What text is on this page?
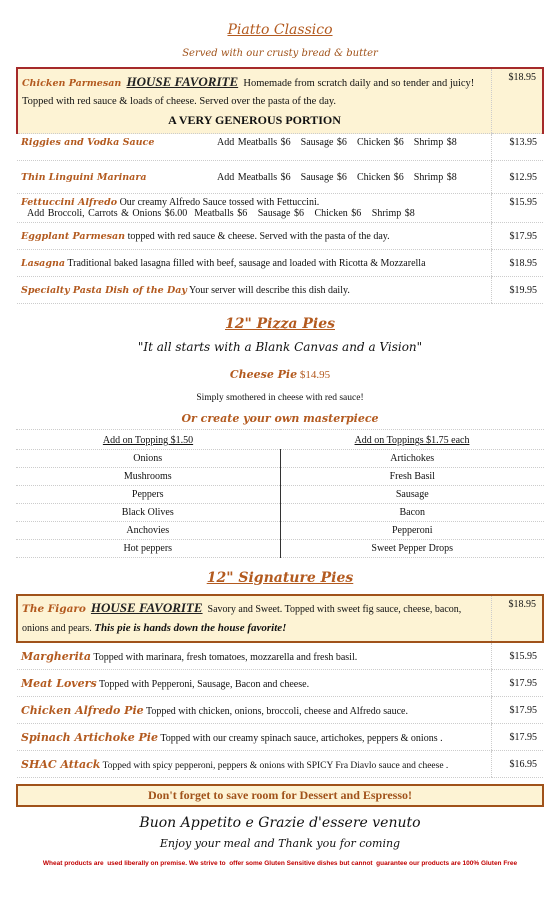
Piatto Classico

Served with our crusty bread & butter
Chicken Parmesan HOUSE FAVORITE Homemade from scratch daily and so tender and juicy! Topped with red sauce & loads of cheese. Served over the pasta of the day.
A VERY GENEROUS PORTION	$18.95
Riggies and Vodka Sauce Add Meatballs $6 Sausage $6 Chicken $6 Shrimp $8	$13.95
Thin Linguini Marinara Add Meatballs $6 Sausage $6 Chicken $6 Shrimp $8	$12.95
Fettuccini Alfredo Our creamy Alfredo Sauce tossed with Fettuccini.
Add Broccoli, Carrots & Onions $6.00  Meatballs $6   Sausage $6   Chicken $6   Shrimp $8	$15.95
Eggplant Parmesan topped with red sauce & cheese. Served with the pasta of the day.	$17.95
Lasagna Traditional baked lasagna filled with beef, sausage and loaded with Ricotta & Mozzarella	$18.95
Specialty Pasta Dish of the Day Your server will describe this dish daily.	$19.95

12" Pizza Pies

"It all starts with a Blank Canvas and a Vision"
Cheese Pie $14.95
Simply smothered in cheese with red sauce!
Or create your own masterpiece
Add on Topping $1.50	Add on Toppings $1.75 each
Onions	Artichokes
Mushrooms	Fresh Basil
Peppers	Sausage
Black Olives	Bacon
Anchovies	Pepperoni
Hot peppers	Sweet Pepper Drops

12" Signature Pies

The Figaro HOUSE FAVORITE Savory and Sweet. Topped with sweet fig sauce, cheese, bacon, onions and pears. This pie is hands down the house favorite!	$18.95
Margherita Topped with marinara, fresh tomatoes, mozzarella and fresh basil.	$15.95
Meat Lovers Topped with Pepperoni, Sausage, Bacon and cheese.	$17.95
Chicken Alfredo Pie Topped with chicken, onions, broccoli, cheese and Alfredo sauce.	$17.95
Spinach Artichoke Pie Topped with our creamy spinach sauce, artichokes, peppers & onions .	$17.95
SHAC Attack Topped with spicy pepperoni, peppers & onions with SPICY Fra Diavlo sauce and cheese .	$16.95
Don't forget to save room for Dessert and Espresso!
Buon Appetito e Grazie d'essere venuto
Enjoy your meal and Thank you for coming
Wheat products are  used liberally on premise. We strive to  offer some Gluten Sensitive dishes but cannot  guarantee our products are 100% Gluten Free
